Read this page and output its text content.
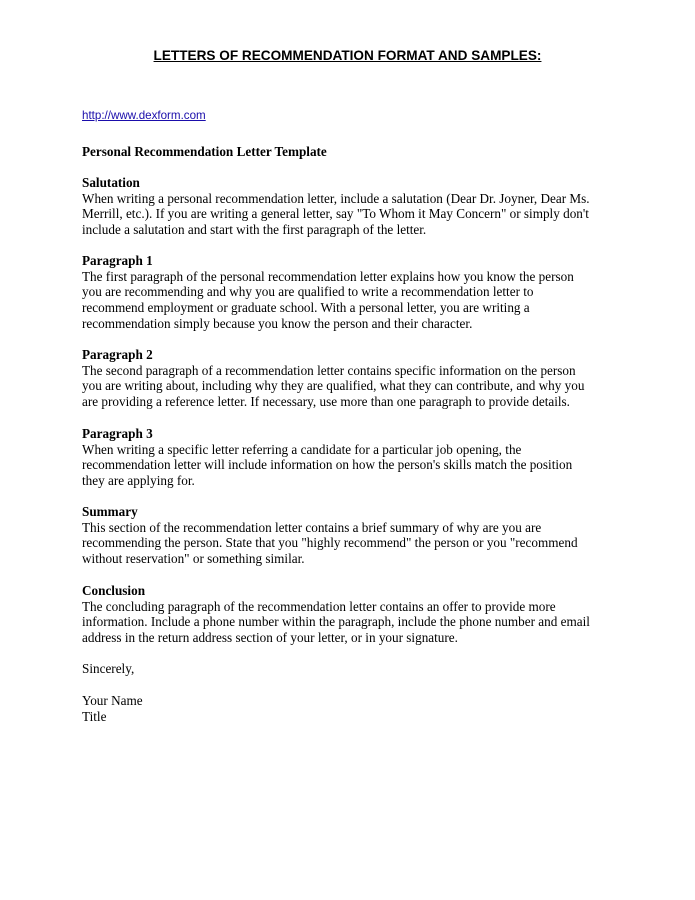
LETTERS OF RECOMMENDATION FORMAT AND SAMPLES:
http://www.dexform.com
Personal Recommendation Letter Template
Salutation
When writing a personal recommendation letter, include a salutation (Dear Dr. Joyner, Dear Ms.
Merrill, etc.). If you are writing a general letter, say "To Whom it May Concern" or simply don't
include a salutation and start with the first paragraph of the letter.
Paragraph 1
The first paragraph of the personal recommendation letter explains how you know the person
you are recommending and why you are qualified to write a recommendation letter to
recommend employment or graduate school. With a personal letter, you are writing a
recommendation simply because you know the person and their character.
Paragraph 2
The second paragraph of a recommendation letter contains specific information on the person
you are writing about, including why they are qualified, what they can contribute, and why you
are providing a reference letter. If necessary, use more than one paragraph to provide details.
Paragraph 3
When writing a specific letter referring a candidate for a particular job opening, the
recommendation letter will include information on how the person's skills match the position
they are applying for.
Summary
This section of the recommendation letter contains a brief summary of why are you are
recommending the person. State that you "highly recommend" the person or you "recommend
without reservation" or something similar.
Conclusion
The concluding paragraph of the recommendation letter contains an offer to provide more
information. Include a phone number within the paragraph, include the phone number and email
address in the return address section of your letter, or in your signature.
Sincerely,
Your Name
Title
